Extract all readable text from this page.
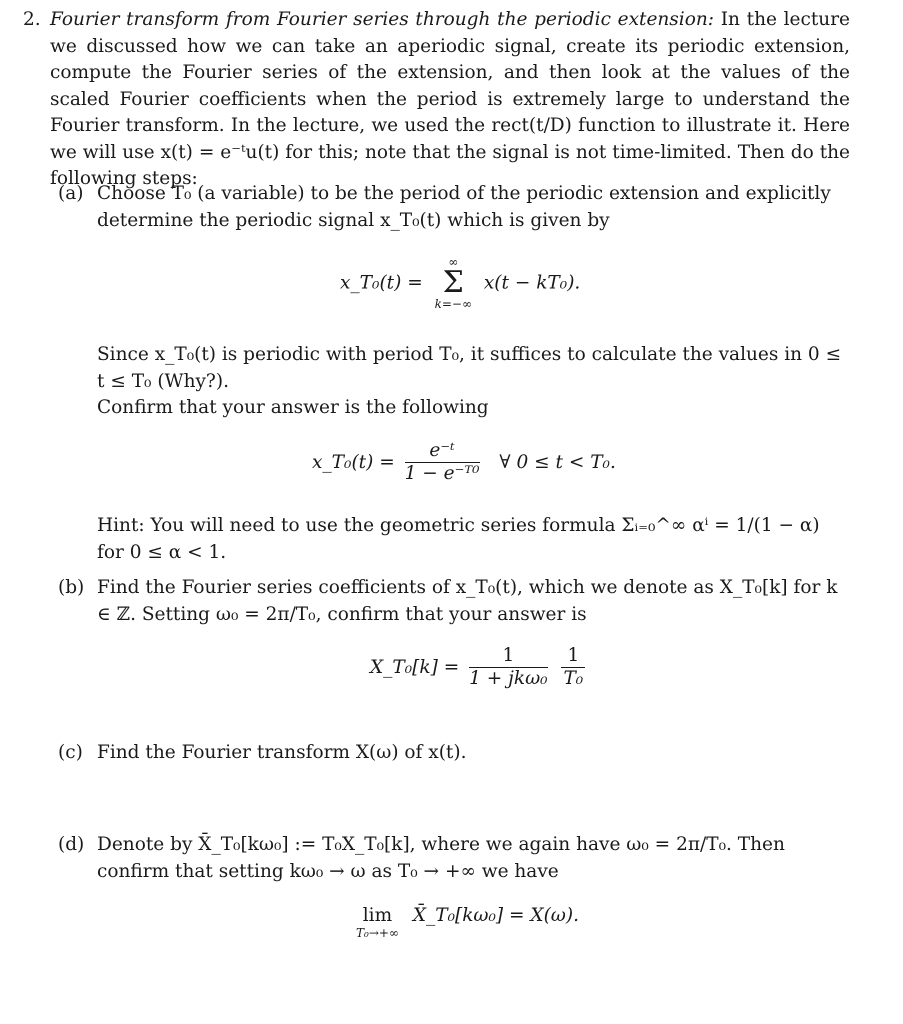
2. Fourier transform from Fourier series through the periodic extension: In the lecture we discussed how we can take an aperiodic signal, create its periodic extension, compute the Fourier series of the extension, and then look at the values of the scaled Fourier coefficients when the period is extremely large to understand the Fourier transform. In the lecture, we used the rect(t/D) function to illustrate it. Here we will use x(t) = e⁻ᵗu(t) for this; note that the signal is not time-limited. Then do the following steps:
(a) Choose T₀ (a variable) to be the period of the periodic extension and explicitly determine the periodic signal x_T₀(t) which is given by
x_T₀(t) =
∞
Σ
k=−∞
x(t − kT₀).
Since x_T₀(t) is periodic with period T₀, it suffices to calculate the values in 0 ≤ t ≤ T₀ (Why?).
Confirm that your answer is the following
x_T₀(t) = $\frac{\text{e⁻ᵗ}}{\text{1 − e⁻ᵀ⁰}}$ ∀ 0 ≤ t < T₀.
Hint: You will need to use the geometric series formula Σᵢ₌₀^∞ αⁱ = 1/(1 − α) for 0 ≤ α < 1.
(b) Find the Fourier series coefficients of x_T₀(t), which we denote as X_T₀[k] for k ∈ ℤ. Setting ω₀ = 2π/T₀, confirm that your answer is
X_T₀[k] = $\frac{1}{\text{1 + jkω₀}}$
$\frac{1}{\text{T₀}}$
(c) Find the Fourier transform X(ω) of x(t).
(d) Denote by X̄_T₀[kω₀] := T₀X_T₀[k], where we again have ω₀ = 2π/T₀. Then confirm that setting kω₀ → ω as T₀ → +∞ we have
lim
T₀→+∞
X̄_T₀[kω₀] = X(ω).
